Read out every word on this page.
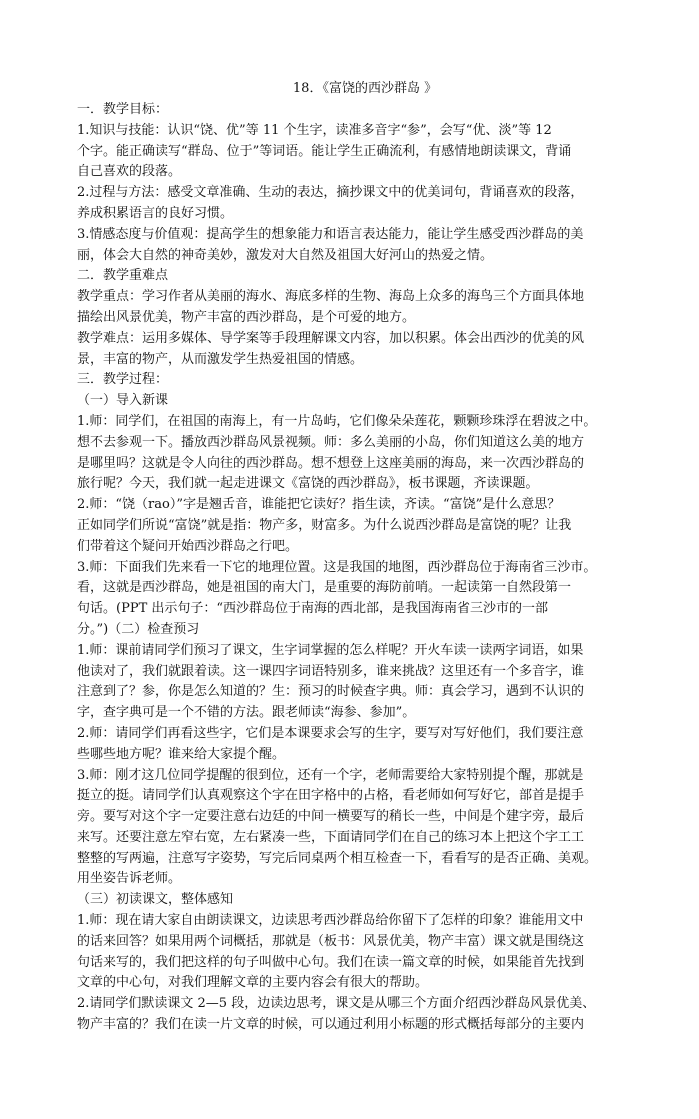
18．《富饶的西沙群岛 》

一．教学目标：

1.知识与技能：认识“饶、优”等 11 个生字，读准多音字“参”，会写“优、淡”等 12

个字。能正确读写“群岛、位于”等词语。能让学生正确流利，有感情地朗读课文，背诵

自己喜欢的段落。

2.过程与方法：感受文章准确、生动的表达，摘抄课文中的优美词句，背诵喜欢的段落，

养成积累语言的良好习惯。

3.情感态度与价值观：提高学生的想象能力和语言表达能力，能让学生感受西沙群岛的美

丽，体会大自然的神奇美妙，激发对大自然及祖国大好河山的热爱之情。

二．教学重难点

教学重点：学习作者从美丽的海水、海底多样的生物、海岛上众多的海鸟三个方面具体地

描绘出风景优美，物产丰富的西沙群岛，是个可爱的地方。

教学难点：运用多媒体、导学案等手段理解课文内容，加以积累。体会出西沙的优美的风

景，丰富的物产，从而激发学生热爱祖国的情感。

三．教学过程：

（一）导入新课

1.师：同学们，在祖国的南海上，有一片岛屿，它们像朵朵莲花，颗颗珍珠浮在碧波之中。

想不去参观一下。播放西沙群岛风景视频。师：多么美丽的小岛，你们知道这么美的地方

是哪里吗？这就是令人向往的西沙群岛。想不想登上这座美丽的海岛，来一次西沙群岛的

旅行呢？今天，我们就一起走进课文《富饶的西沙群岛》，板书课题，齐读课题。

2.师：“饶（rao）”字是翘舌音，谁能把它读好？指生读，齐读。“富饶”是什么意思？

正如同学们所说“富饶”就是指：物产多，财富多。为什么说西沙群岛是富饶的呢？让我

们带着这个疑问开始西沙群岛之行吧。

3.师：下面我们先来看一下它的地理位置。这是我国的地图，西沙群岛位于海南省三沙市。

看，这就是西沙群岛，她是祖国的南大门，是重要的海防前哨。一起读第一自然段第一

句话。(PPT 出示句子：“西沙群岛位于南海的西北部，是我国海南省三沙市的一部

分。”)（二）检查预习

1.师：课前请同学们预习了课文，生字词掌握的怎么样呢？开火车读一读两字词语，如果

他读对了，我们就跟着读。这一课四字词语特别多，谁来挑战？这里还有一个多音字，谁

注意到了？参，你是怎么知道的？生：预习的时候查字典。师：真会学习，遇到不认识的

字，查字典可是一个不错的方法。跟老师读“海参、参加”。

2.师：请同学们再看这些字，它们是本课要求会写的生字，要写对写好他们，我们要注意

些哪些地方呢？谁来给大家提个醒。

3.师：刚才这几位同学提醒的很到位，还有一个字，老师需要给大家特别提个醒，那就是

挺立的挺。请同学们认真观察这个字在田字格中的占格，看老师如何写好它，部首是提手

旁。要写对这个字一定要注意右边廷的中间一横要写的稍长一些，中间是个建字旁，最后

来写。还要注意左窄右宽，左右紧凑一些，下面请同学们在自己的练习本上把这个字工工

整整的写两遍，注意写字姿势，写完后同桌两个相互检查一下，看看写的是否正确、美观。

用坐姿告诉老师。

（三）初读课文，整体感知

1.师：现在请大家自由朗读课文，边读思考西沙群岛给你留下了怎样的印象？谁能用文中

的话来回答？如果用两个词概括，那就是（板书：风景优美，物产丰富）课文就是围绕这

句话来写的，我们把这样的句子叫做中心句。我们在读一篇文章的时候，如果能首先找到

文章的中心句，对我们理解文章的主要内容会有很大的帮助。

2.请同学们默读课文 2—5 段，边读边思考，课文是从哪三个方面介绍西沙群岛风景优美、

物产丰富的？我们在读一片文章的时候，可以通过利用小标题的形式概括每部分的主要内
